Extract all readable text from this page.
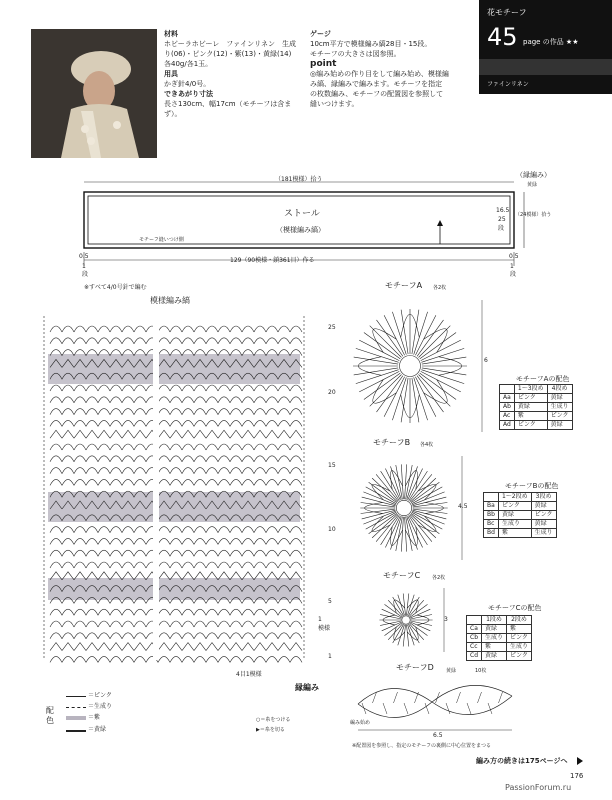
材料
ホビーラホビーレ　ファインリネン　生成
り(06)・ピンク(12)・紫(13)・黄緑(14)
各40g/各1玉。
用具
かぎ針4/0号。
できあがり寸法
長さ130cm、幅17cm（モチーフは含ま
ず）。
ゲージ
10cm平方で模様編み縞28目・15段。
モチーフの大きさは図参照。
point
◎编み始めの作り目をして編み始め、模様編
み縞、縁編みで編みます。モチーフを指定
の枚数編み、モチーフの配置図を参照して
縫いつけます。
花モチーフ
45 page の作品 ★★
ファインリネン
（181模様）拾う
ストール
（模様編み縞）
モチーフ縫いつけ側
129（90模様・鎖361目）作る
（縁編み）
黄緑
16.5
25
段
（24模様）拾う
0.5	0.5
1
段
1
段
※すべて4/0号針で編む
模様編み縞
25
20
15
10
5
1
1
模様
4目1模様
縁編み
配
色
＝ピンク
＝生成り
＝紫
＝黄緑
○＝糸をつける
▶＝糸を切る
モチーフA 各2枚
6
モチーフAの配色
	1〜3段め	4段め
Aa	ピンク	黄緑
Ab	黄緑	生成り
Ac	紫	ピンク
Ad	ピンク	黄緑
モチーフB 各4枚
4.5
モチーフBの配色
	1〜2段め	3段め
Ba	ピンク	黄緑
Bb	黄緑	ピンク
Bc	生成り	黄緑
Bd	紫	生成り
モチーフC 各2枚
3
モチーフCの配色
	1段め	2段め
Ca	黄緑	紫
Cb	生成り	ピンク
Cc	紫	生成り
Cd	黄緑	ピンク
モチーフD 黄緑	10枚
編み始め
6.5
※配置図を参照し、指定のモチーフの裏側に中心位置をまつる
編み方の続きは175ページへ
176
PassionForum.ru
